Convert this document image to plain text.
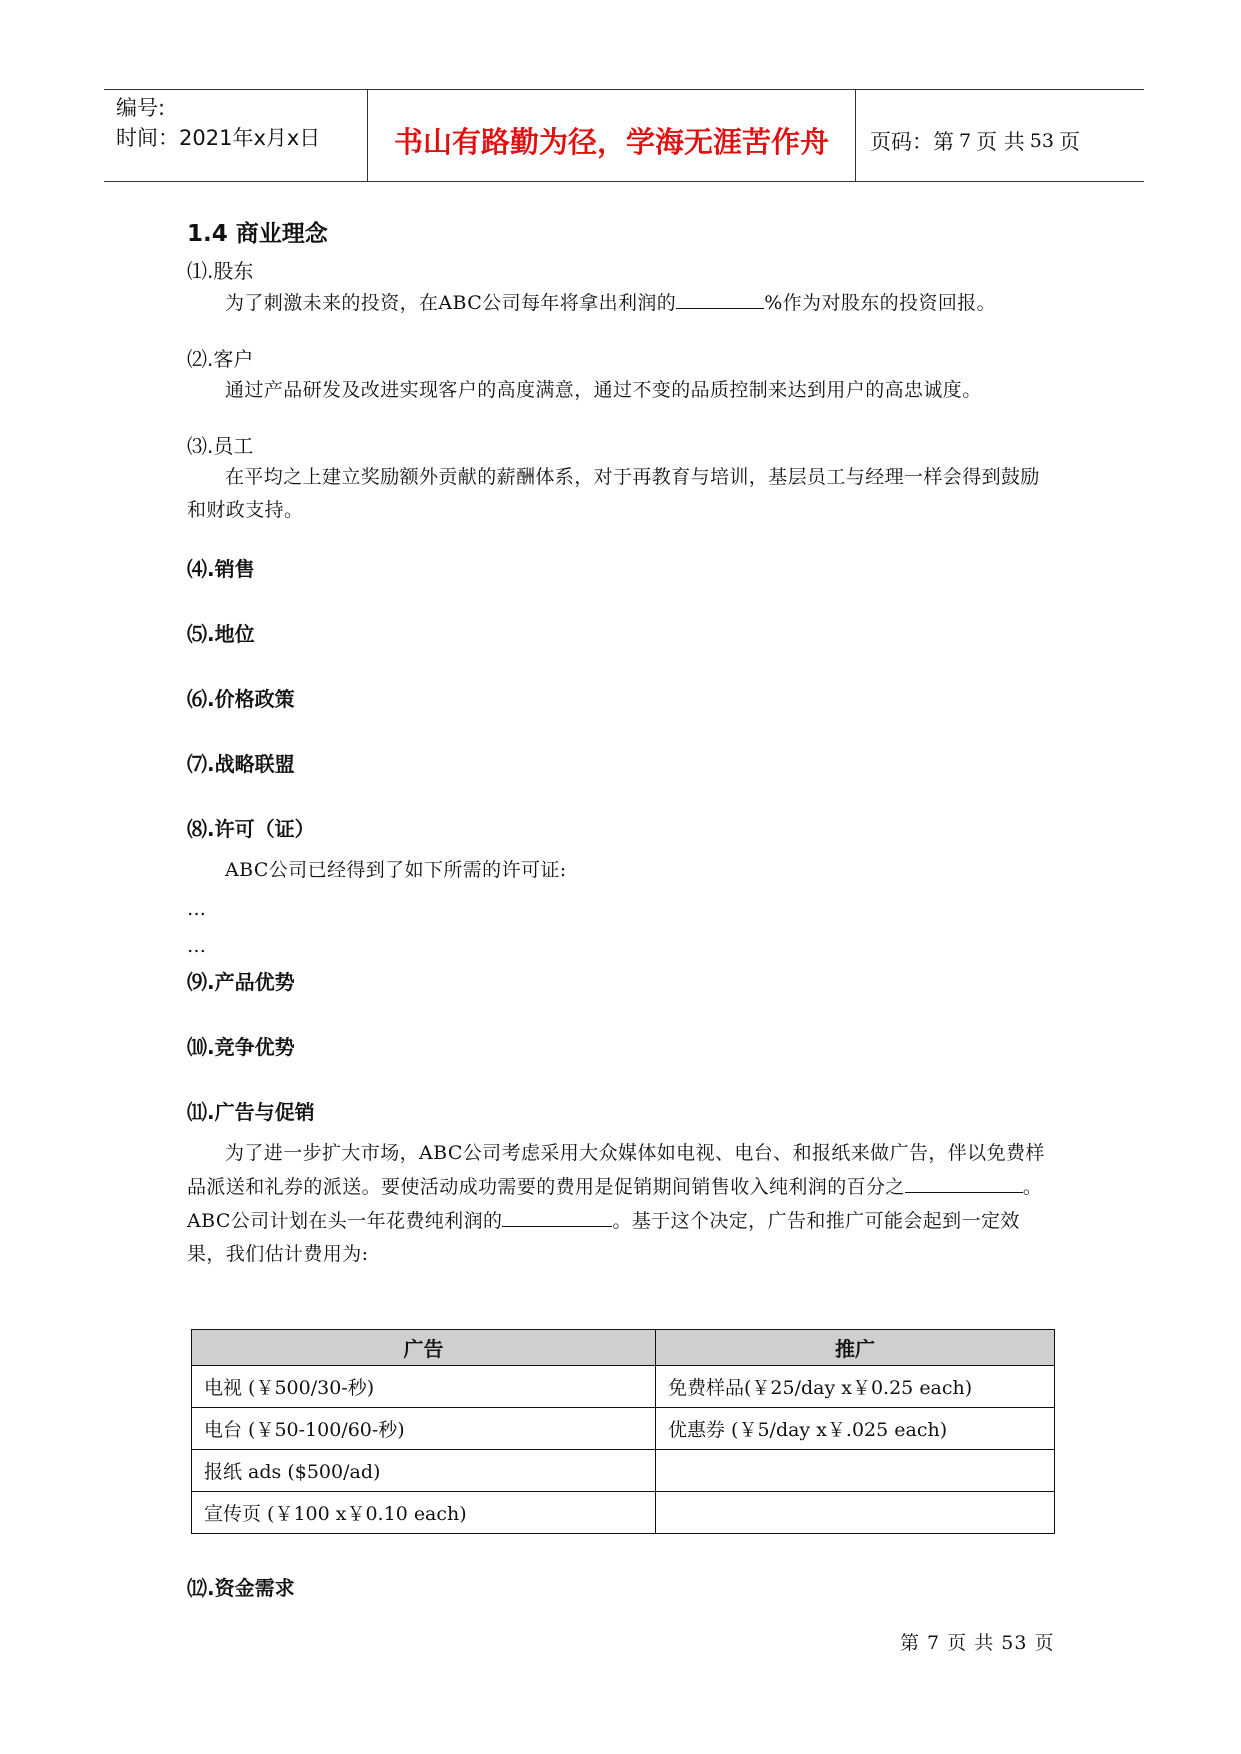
编号:
时间：2021年x月x日	书山有路勤为径，学海无涯苦作舟	页码：第 7 页 共 53 页
1.4 商业理念
⑴.股东

为了刺激未来的投资，在ABC公司每年将拿出利润的	%作为对股东的投资回报。

⑵.客户

通过产品研发及改进实现客户的高度满意，通过不变的品质控制来达到用户的高忠诚度。

⑶.员工

在平均之上建立奖励额外贡献的薪酬体系，对于再教育与培训，基层员工与经理一样会得到鼓励和财政支持。

⑷.销售
⑸.地位
⑹.价格政策
⑺.战略联盟
⑻.许可（证）

ABC公司已经得到了如下所需的许可证:

…

…

⑼.产品优势
⑽.竞争优势
⑾.广告与促销

为了进一步扩大市场，ABC公司考虑采用大众媒体如电视、电台、和报纸来做广告，伴以免费样品派送和礼券的派送。要使活动成功需要的费用是促销期间销售收入纯利润的百分之	。ABC公司计划在头一年花费纯利润的	。基于这个决定，广告和推广可能会起到一定效果，我们估计费用为:

广告	推广
电视 (￥500/30-秒)	免费样品(￥25/day x￥0.25 each)
电台 (￥50-100/60-秒)	优惠券 (￥5/day x￥.025 each)
报纸 ads ($500/ad)	
宣传页 (￥100 x￥0.10 each)	
⑿.资金需求
第 7 页 共 53 页
